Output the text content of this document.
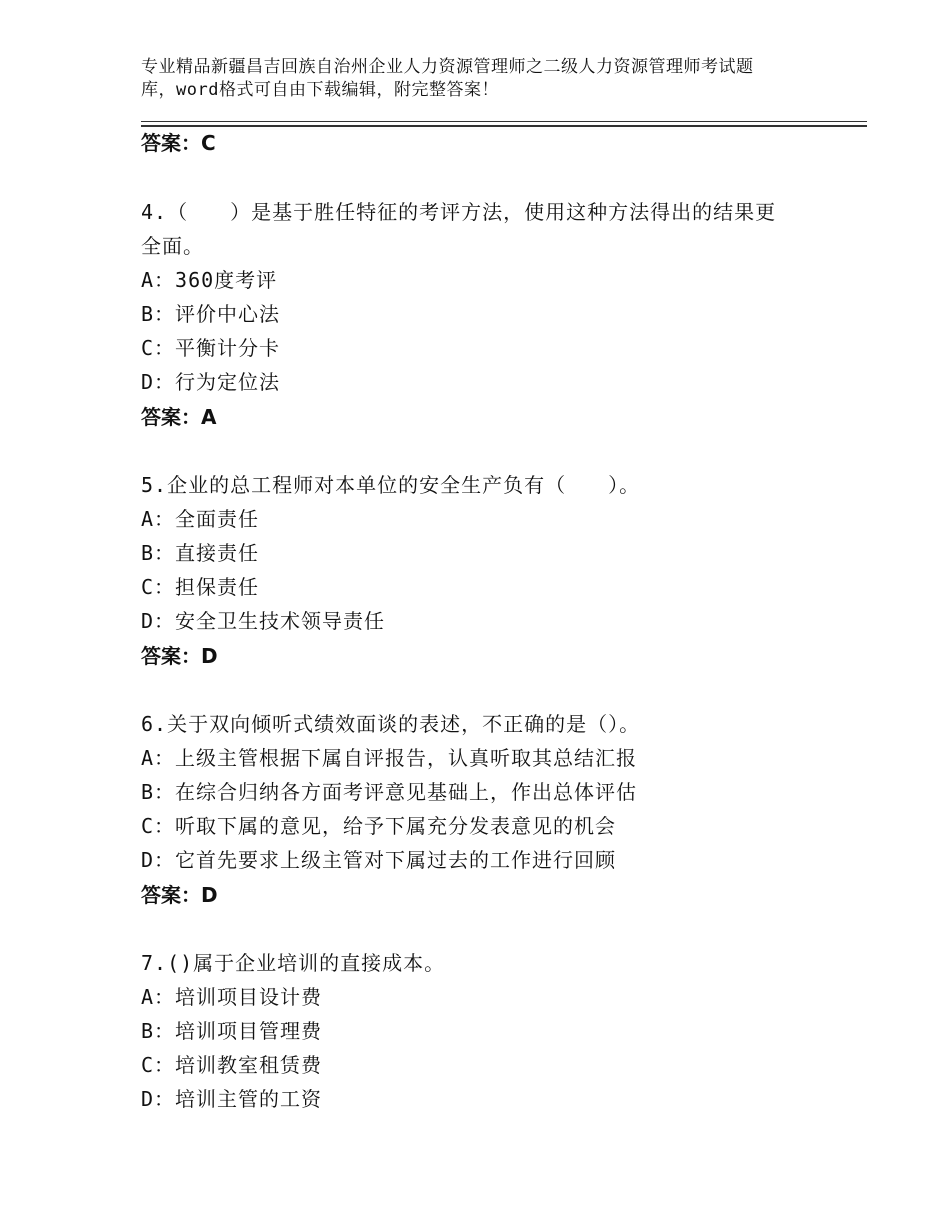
专业精品新疆昌吉回族自治州企业人力资源管理师之二级人力资源管理师考试题
库，word格式可自由下载编辑，附完整答案！
答案：C
4.（　　）是基于胜任特征的考评方法，使用这种方法得出的结果更
全面。
A：360度考评
B：评价中心法
C：平衡计分卡
D：行为定位法
答案：A
5.企业的总工程师对本单位的安全生产负有（　　）。
A：全面责任
B：直接责任
C：担保责任
D：安全卫生技术领导责任
答案：D
6.关于双向倾听式绩效面谈的表述，不正确的是（）。
A：上级主管根据下属自评报告，认真听取其总结汇报
B：在综合归纳各方面考评意见基础上，作出总体评估
C：听取下属的意见，给予下属充分发表意见的机会
D：它首先要求上级主管对下属过去的工作进行回顾
答案：D
7.()属于企业培训的直接成本。
A：培训项目设计费
B：培训项目管理费
C：培训教室租赁费
D：培训主管的工资
